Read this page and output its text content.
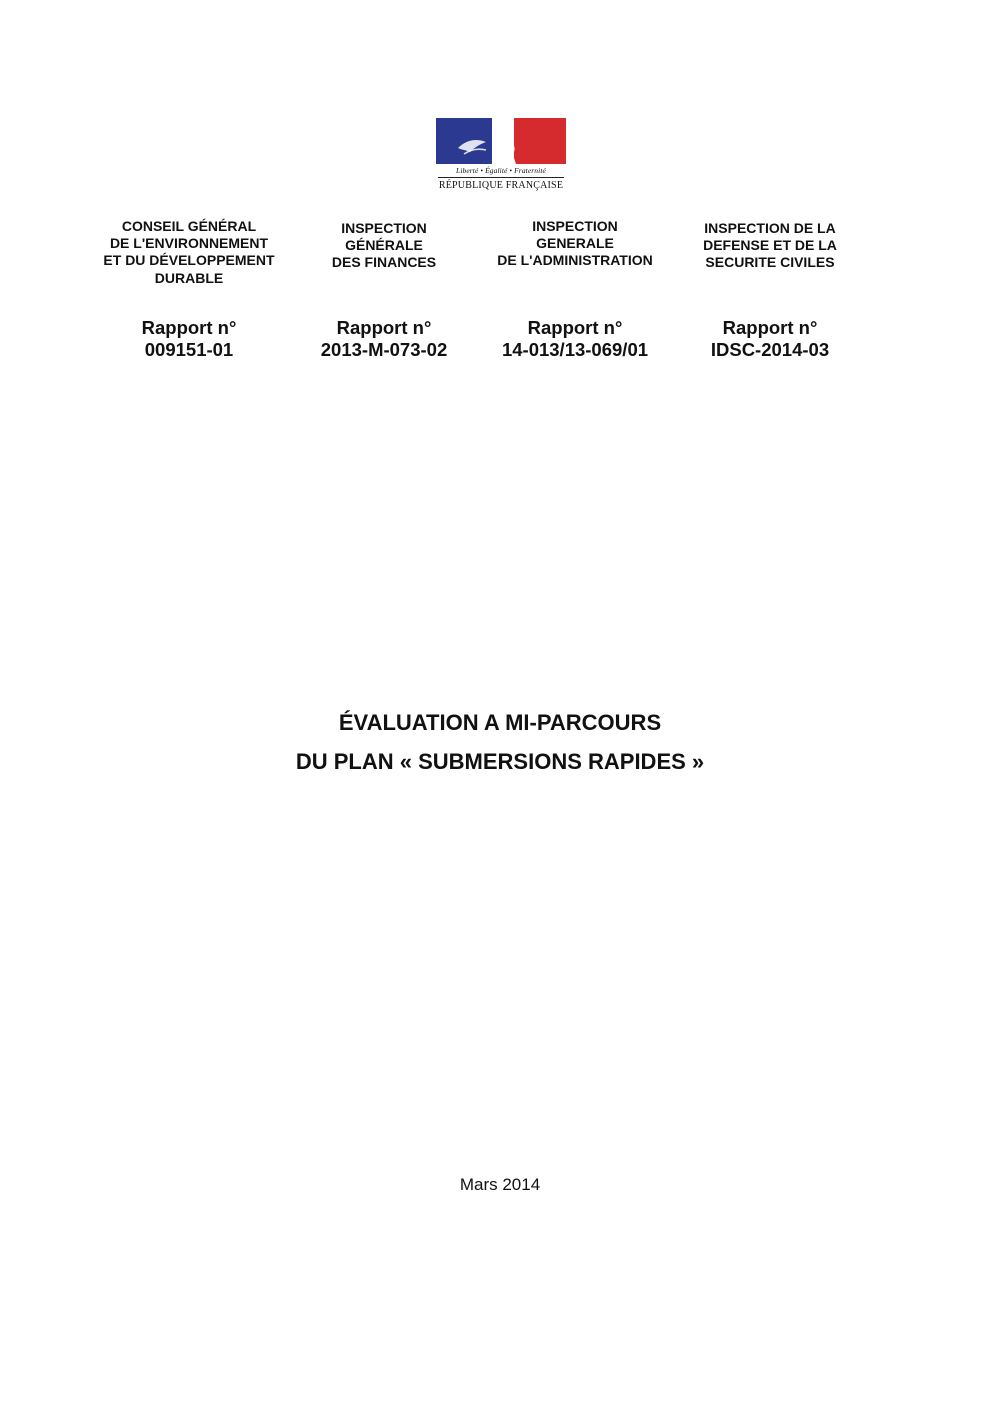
Liberté • Égalité • Fraternité
RÉPUBLIQUE FRANÇAISE
CONSEIL GÉNÉRAL
DE L'ENVIRONNEMENT
ET DU DÉVELOPPEMENT
DURABLE
Rapport n°
009151-01
INSPECTION
GÉNÉRALE
DES FINANCES
Rapport n°
2013-M-073-02
INSPECTION
GENERALE
DE L'ADMINISTRATION
Rapport n°
14-013/13-069/01
INSPECTION DE LA
DEFENSE ET DE LA
SECURITE CIVILES
Rapport n°
IDSC-2014-03
ÉVALUATION A MI-PARCOURS
DU PLAN « SUBMERSIONS RAPIDES »
Mars 2014
